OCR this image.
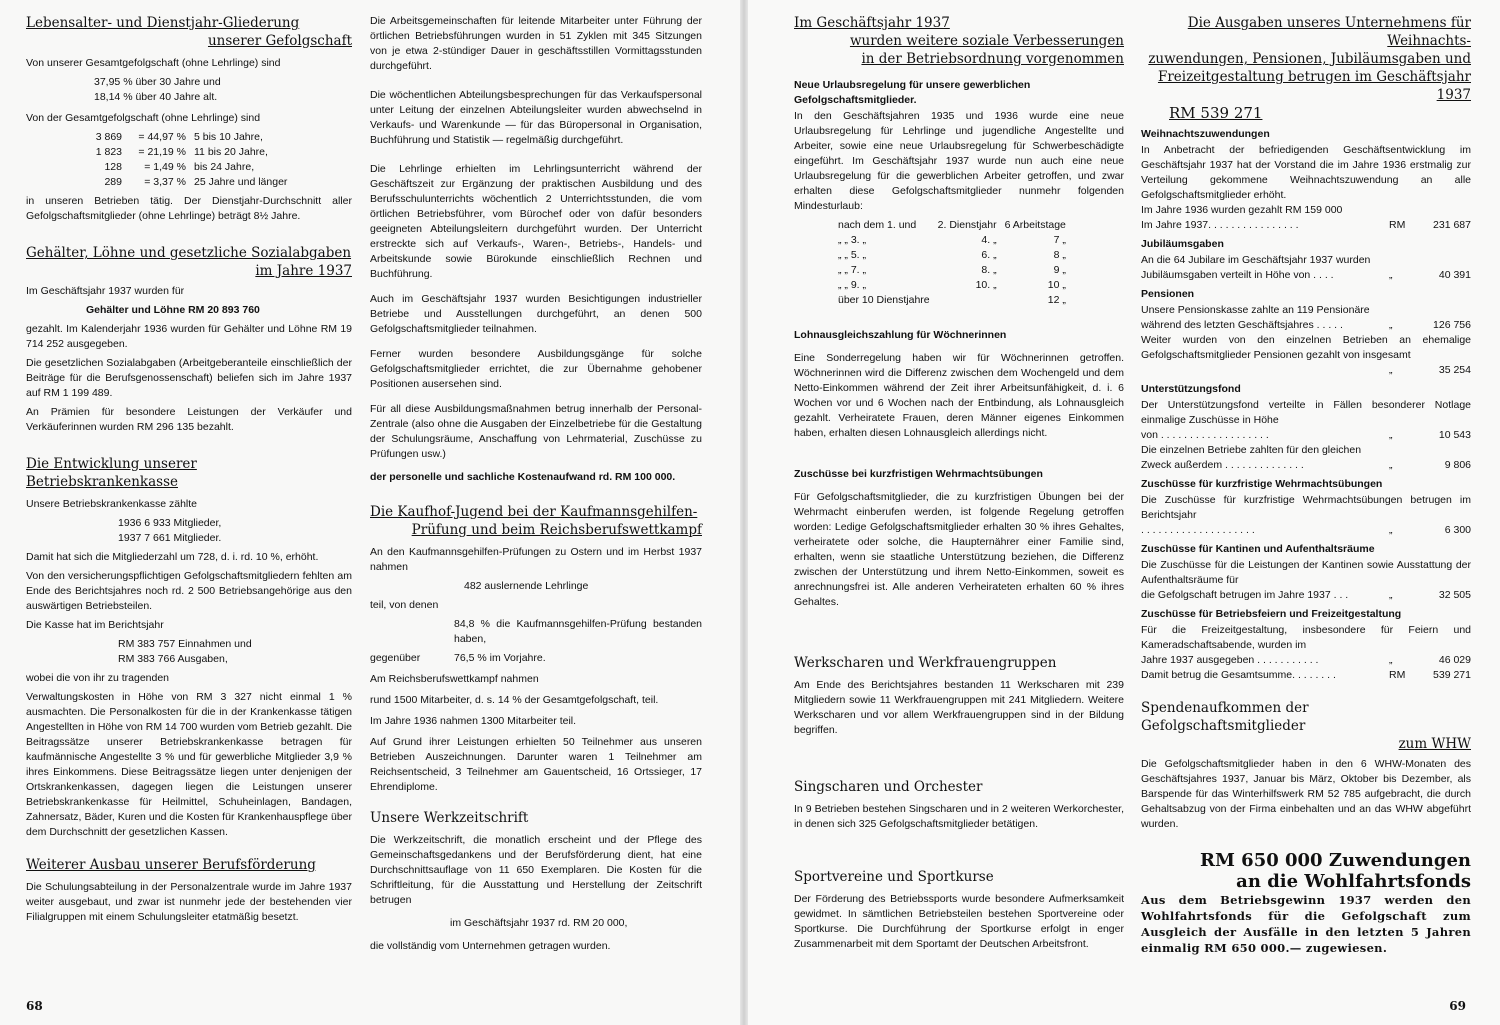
Lebensalter- und Dienstjahr-Gliederung
unserer Gefolgschaft

Von unserer Gesamtgefolgschaft (ohne Lehrlinge) sind

37,95 % über 30 Jahre und
18,14 % über 40 Jahre alt.

Von der Gesamtgefolgschaft (ohne Lehrlinge) sind

3 869	= 44,97 % 5 bis 10 Jahre,
1 823	= 21,19 % 11 bis 20 Jahre,
128	= 1,49 % bis 24 Jahre,
289	= 3,37 % 25 Jahre und länger

in unseren Betrieben tätig. Der Dienstjahr-Durchschnitt aller Gefolgschaftsmitglieder (ohne Lehrlinge) beträgt 8½ Jahre.

Gehälter, Löhne und gesetzliche Sozialabgaben
im Jahre 1937

Im Geschäftsjahr 1937 wurden für

Gehälter und Löhne RM 20 893 760

gezahlt. Im Kalenderjahr 1936 wurden für Gehälter und Löhne RM 19 714 252 ausgegeben.

Die gesetzlichen Sozialabgaben (Arbeitgeberanteile einschließlich der Beiträge für die Berufsgenossenschaft) beliefen sich im Jahre 1937 auf RM 1 199 489.

An Prämien für besondere Leistungen der Verkäufer und Verkäuferinnen wurden RM 296 135 bezahlt.

Die Entwicklung unserer Betriebskrankenkasse

Unsere Betriebskrankenkasse zählte

1936 6 933 Mitglieder,
1937 7 661 Mitglieder.

Damit hat sich die Mitgliederzahl um 728, d. i. rd. 10 %, erhöht.

Von den versicherungspflichtigen Gefolgschaftsmitgliedern fehlten am Ende des Berichtsjahres noch rd. 2 500 Betriebsangehörige aus den auswärtigen Betriebsteilen.

Die Kasse hat im Berichtsjahr

RM 383 757 Einnahmen und
RM 383 766 Ausgaben,

wobei die von ihr zu tragenden

Verwaltungskosten in Höhe von RM 3 327 nicht einmal 1 % ausmachten. Die Personalkosten für die in der Krankenkasse tätigen Angestellten in Höhe von RM 14 700 wurden vom Betrieb gezahlt. Die Beitragssätze unserer Betriebskrankenkasse betragen für kaufmännische Angestellte 3 % und für gewerbliche Mitglieder 3,9 % ihres Einkommens. Diese Beitragssätze liegen unter denjenigen der Ortskrankenkassen, dagegen liegen die Leistungen unserer Betriebskrankenkasse für Heilmittel, Schuheinlagen, Bandagen, Zahnersatz, Bäder, Kuren und die Kosten für Krankenhauspflege über dem Durchschnitt der gesetzlichen Kassen.

Weiterer Ausbau unserer Berufsförderung

Die Schulungsabteilung in der Personalzentrale wurde im Jahre 1937 weiter ausgebaut, und zwar ist nunmehr jede der bestehenden vier Filialgruppen mit einem Schulungsleiter etatmäßig besetzt.

Die Arbeitsgemeinschaften für leitende Mitarbeiter unter Führung der örtlichen Betriebsführungen wurden in 51 Zyklen mit 345 Sitzungen von je etwa 2-stündiger Dauer in geschäftsstillen Vormittagsstunden durchgeführt.

Die wöchentlichen Abteilungsbesprechungen für das Verkaufspersonal unter Leitung der einzelnen Abteilungsleiter wurden abwechselnd in Verkaufs- und Warenkunde — für das Büropersonal in Organisation, Buchführung und Statistik — regelmäßig durchgeführt.

Die Lehrlinge erhielten im Lehrlingsunterricht während der Geschäftszeit zur Ergänzung der praktischen Ausbildung und des Berufsschulunterrichts wöchentlich 2 Unterrichtsstunden, die vom örtlichen Betriebsführer, vom Bürochef oder von dafür besonders geeigneten Abteilungsleitern durchgeführt wurden. Der Unterricht erstreckte sich auf Verkaufs-, Waren-, Betriebs-, Handels- und Arbeitskunde sowie Bürokunde einschließlich Rechnen und Buchführung.

Auch im Geschäftsjahr 1937 wurden Besichtigungen industrieller Betriebe und Ausstellungen durchgeführt, an denen 500 Gefolgschaftsmitglieder teilnahmen.

Ferner wurden besondere Ausbildungsgänge für solche Gefolgschaftsmitglieder errichtet, die zur Übernahme gehobener Positionen ausersehen sind.

Für all diese Ausbildungsmaßnahmen betrug innerhalb der Personal-Zentrale (also ohne die Ausgaben der Einzelbetriebe für die Gestaltung der Schulungsräume, Anschaffung von Lehrmaterial, Zuschüsse zu Prüfungen usw.)

der personelle und sachliche Kostenaufwand rd. RM 100 000.

Die Kaufhof-Jugend bei der Kaufmannsgehilfen-
Prüfung und beim Reichsberufswettkampf

An den Kaufmannsgehilfen-Prüfungen zu Ostern und im Herbst 1937 nahmen

482 auslernende Lehrlinge

teil, von denen

84,8 % die Kaufmannsgehilfen-Prüfung bestanden haben,

gegenüber	76,5 % im Vorjahre.

Am Reichsberufswettkampf nahmen

rund 1500 Mitarbeiter, d. s. 14 % der Gesamtgefolgschaft, teil.

Im Jahre 1936 nahmen 1300 Mitarbeiter teil.

Auf Grund ihrer Leistungen erhielten 50 Teilnehmer aus unseren Betrieben Auszeichnungen. Darunter waren 1 Teilnehmer am Reichsentscheid, 3 Teilnehmer am Gauentscheid, 16 Ortssieger, 17 Ehrendiplome.

Unsere Werkzeitschrift

Die Werkzeitschrift, die monatlich erscheint und der Pflege des Gemeinschaftsgedankens und der Berufsförderung dient, hat eine Durchschnittsauflage von 11 650 Exemplaren. Die Kosten für die Schriftleitung, für die Ausstattung und Herstellung der Zeitschrift betrugen

im Geschäftsjahr 1937 rd. RM 20 000,

die vollständig vom Unternehmen getragen wurden.

68
Im Geschäftsjahr 1937
wurden weitere soziale Verbesserungen
in der Betriebsordnung vorgenommen
Neue Urlaubsregelung für unsere gewerblichen Gefolgschaftsmitglieder.

In den Geschäftsjahren 1935 und 1936 wurde eine neue Urlaubsregelung für Lehrlinge und jugendliche Angestellte und Arbeiter, sowie eine neue Urlaubsregelung für Schwerbeschädigte eingeführt. Im Geschäftsjahr 1937 wurde nun auch eine neue Urlaubsregelung für die gewerblichen Arbeiter getroffen, und zwar erhalten diese Gefolgschaftsmitglieder nunmehr folgenden Mindesturlaub:

nach dem 1. und	2. Dienstjahr	6 Arbeitstage
„ „ 3. „	4. „	7 „
„ „ 5. „	6. „	8 „
„ „ 7. „	8. „	9 „
„ „ 9. „	10. „	10 „
über 10 Dienstjahre		12 „
Lohnausgleichszahlung für Wöchnerinnen

Eine Sonderregelung haben wir für Wöchnerinnen getroffen. Wöchnerinnen wird die Differenz zwischen dem Wochengeld und dem Netto-Einkommen während der Zeit ihrer Arbeitsunfähigkeit, d. i. 6 Wochen vor und 6 Wochen nach der Entbindung, als Lohnausgleich gezahlt. Verheiratete Frauen, deren Männer eigenes Einkommen haben, erhalten diesen Lohnausgleich allerdings nicht.

Zuschüsse bei kurzfristigen Wehrmachtsübungen

Für Gefolgschaftsmitglieder, die zu kurzfristigen Übungen bei der Wehrmacht einberufen werden, ist folgende Regelung getroffen worden: Ledige Gefolgschaftsmitglieder erhalten 30 % ihres Gehaltes, verheiratete oder solche, die Haupternährer einer Familie sind, erhalten, wenn sie staatliche Unterstützung beziehen, die Differenz zwischen der Unterstützung und ihrem Netto-Einkommen, soweit es anrechnungsfrei ist. Alle anderen Verheirateten erhalten 60 % ihres Gehaltes.

Werkscharen und Werkfrauengruppen

Am Ende des Berichtsjahres bestanden 11 Werkscharen mit 239 Mitgliedern sowie 11 Werkfrauengruppen mit 241 Mitgliedern. Weitere Werkscharen und vor allem Werkfrauengruppen sind in der Bildung begriffen.

Singscharen und Orchester

In 9 Betrieben bestehen Singscharen und in 2 weiteren Werkorchester, in denen sich 325 Gefolgschaftsmitglieder betätigen.

Sportvereine und Sportkurse

Der Förderung des Betriebssports wurde besondere Aufmerksamkeit gewidmet. In sämtlichen Betriebsteilen bestehen Sportvereine oder Sportkurse. Die Durchführung der Sportkurse erfolgt in enger Zusammenarbeit mit dem Sportamt der Deutschen Arbeitsfront.

Die Ausgaben unseres Unternehmens für Weihnachts-
zuwendungen, Pensionen, Jubiläumsgaben und
Freizeitgestaltung betrugen im Geschäftsjahr 1937
RM 539 271
Weihnachtszuwendungen
In Anbetracht der befriedigenden Geschäftsentwicklung im Geschäftsjahr 1937 hat der Vorstand die im Jahre 1936 erstmalig zur Verteilung gekommene Weihnachtszuwendung an alle Gefolgschaftsmitglieder erhöht.
Im Jahre 1936 wurden gezahlt RM 159 000
Im Jahre 1937. . . . . . . . . . . . . . . .	RM	231 687
Jubiläumsgaben
An die 64 Jubilare im Geschäftsjahr 1937 wurden
Jubiläumsgaben verteilt in Höhe von . . . .	„	40 391
Pensionen
Unsere Pensionskasse zahlte an 119 Pensionäre
während des letzten Geschäftsjahres . . . . .	„	126 756
Weiter wurden von den einzelnen Betrieben an ehemalige Gefolgschaftsmitglieder Pensionen gezahlt von insgesamt
„	35 254
Unterstützungsfond
Der Unterstützungsfond verteilte in Fällen besonderer Notlage einmalige Zuschüsse in Höhe
von . . . . . . . . . . . . . . . . . . .	„	10 543
Die einzelnen Betriebe zahlten für den gleichen
Zweck außerdem . . . . . . . . . . . . . .	„	9 806
Zuschüsse für kurzfristige Wehrmachtsübungen
Die Zuschüsse für kurzfristige Wehrmachtsübungen betrugen im Berichtsjahr
. . . . . . . . . . . . . . . . . . . .	„	6 300
Zuschüsse für Kantinen und Aufenthaltsräume
Die Zuschüsse für die Leistungen der Kantinen sowie Ausstattung der Aufenthaltsräume für
die Gefolgschaft betrugen im Jahre 1937 . . .	„	32 505
Zuschüsse für Betriebsfeiern und Freizeitgestaltung
Für die Freizeitgestaltung, insbesondere für Feiern und Kameradschaftsabende, wurden im
Jahre 1937 ausgegeben . . . . . . . . . . .	„	46 029
Damit betrug die Gesamtsumme. . . . . . . .	RM	539 271
Spendenaufkommen der Gefolgschaftsmitglieder
zum WHW

Die Gefolgschaftsmitglieder haben in den 6 WHW-Monaten des Geschäftsjahres 1937, Januar bis März, Oktober bis Dezember, als Barspende für das Winterhilfswerk RM 52 785 aufgebracht, die durch Gehaltsabzug von der Firma einbehalten und an das WHW abgeführt wurden.

RM 650 000 Zuwendungen
an die Wohlfahrtsfonds

Aus dem Betriebsgewinn 1937 werden den Wohlfahrtsfonds für die Gefolgschaft zum Ausgleich der Ausfälle in den letzten 5 Jahren einmalig RM 650 000.— zugewiesen.

69
